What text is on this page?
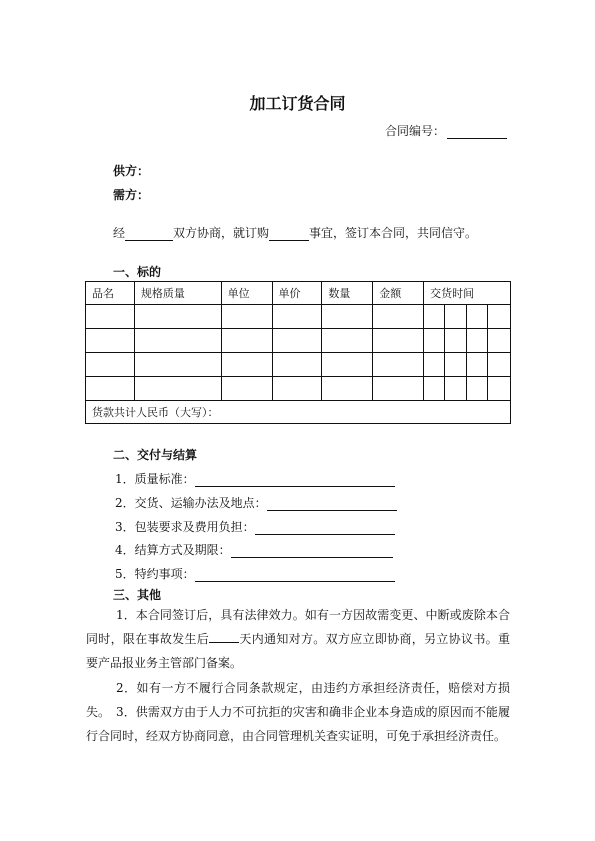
加工订货合同
合同编号：
供方：
需方：
经	双方协商，就订购	事宜，签订本合同，共同信守。
一、标的
品名	规格质量	单位	单价	数量	金额	交货时间			

货款共计人民币（大写）：									
二、交付与结算
1．质量标准：
2．交货、运输办法及地点：
3．包装要求及费用负担：
4．结算方式及期限：
5．特约事项：
三、其他
1．本合同签订后，具有法律效力。如有一方因故需变更、中断或废除本合同时，限在事故发生后	天内通知对方。双方应立即协商，另立协议书。重要产品报业务主管部门备案。
2．如有一方不履行合同条款规定，由违约方承担经济责任，赔偿对方损失。 3．供需双方由于人力不可抗拒的灾害和确非企业本身造成的原因而不能履行合同时，经双方协商同意，由合同管理机关查实证明，可免于承担经济责任。
